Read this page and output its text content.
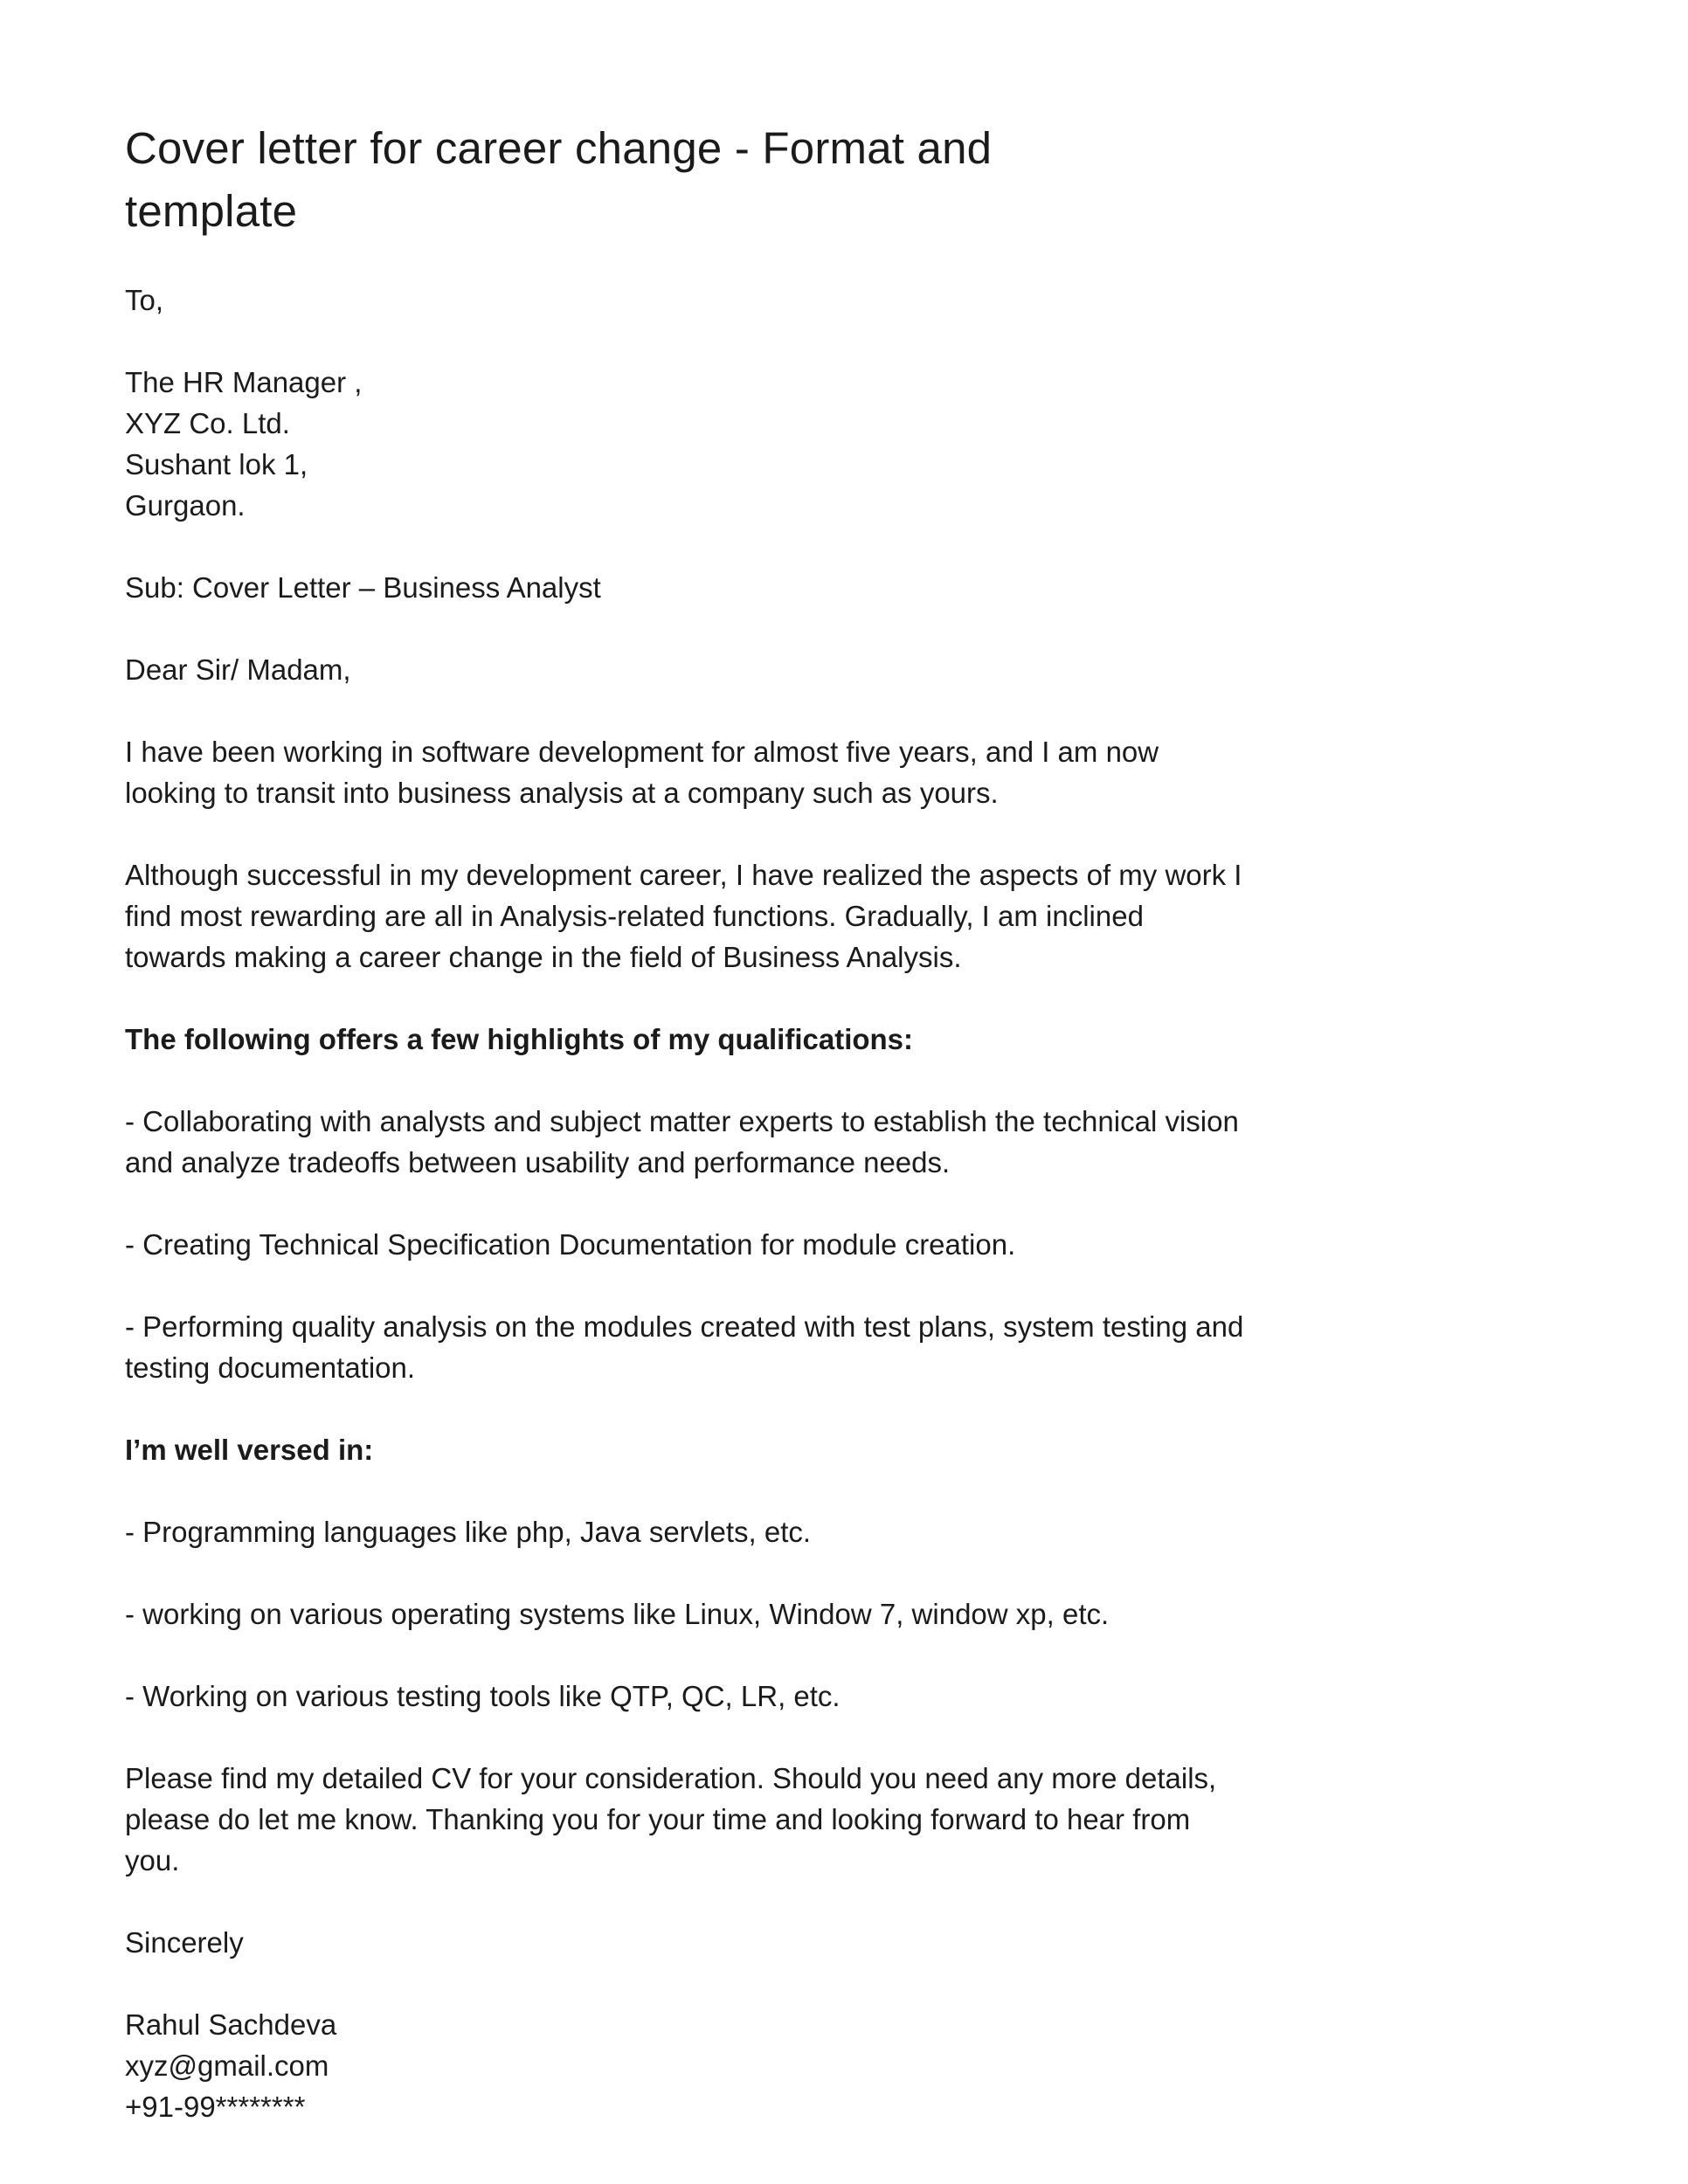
Cover letter for career change - Format and
template

To,

The HR Manager ,
XYZ Co. Ltd.
Sushant lok 1,
Gurgaon.

Sub: Cover Letter – Business Analyst

Dear Sir/ Madam,

I have been working in software development for almost five years, and I am now
looking to transit into business analysis at a company such as yours.

Although successful in my development career, I have realized the aspects of my work I
find most rewarding are all in Analysis-related functions. Gradually, I am inclined
towards making a career change in the field of Business Analysis.

The following offers a few highlights of my qualifications:

- Collaborating with analysts and subject matter experts to establish the technical vision
and analyze tradeoffs between usability and performance needs.

- Creating Technical Specification Documentation for module creation.

- Performing quality analysis on the modules created with test plans, system testing and
testing documentation.

I’m well versed in:

- Programming languages like php, Java servlets, etc.

- working on various operating systems like Linux, Window 7, window xp, etc.

- Working on various testing tools like QTP, QC, LR, etc.

Please find my detailed CV for your consideration. Should you need any more details,
please do let me know. Thanking you for your time and looking forward to hear from
you.

Sincerely

Rahul Sachdeva
xyz@gmail.com
+91-99********
